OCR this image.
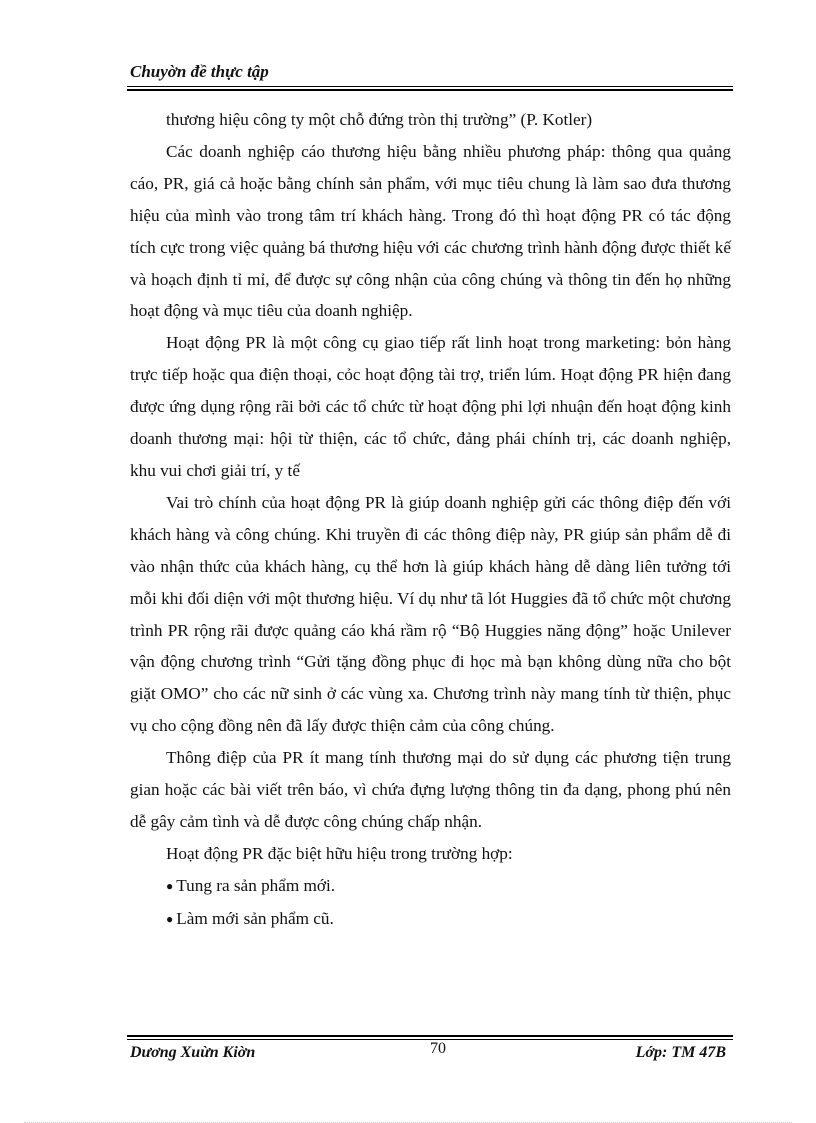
Chuyờn đề thực tập

thương hiệu công ty một chỗ đứng tròn thị trường” (P. Kotler)

Các doanh nghiệp cáo thương hiệu bằng nhiều phương pháp: thông qua quảng cáo, PR, giá cả hoặc bằng chính sản phẩm, với mục tiêu chung là làm sao đưa thương hiệu của mình vào trong tâm trí khách hàng. Trong đó thì hoạt động PR có tác động tích cực trong việc quảng bá thương hiệu với các chương trình hành động được thiết kế và hoạch định tỉ mỉ, để được sự công nhận của công chúng và thông tin đến họ những hoạt động và mục tiêu của doanh nghiệp.

Hoạt động PR là một công cụ giao tiếp rất linh hoạt trong marketing: bỏn hàng trực tiếp hoặc qua điện thoại, cỏc hoạt động tài trợ, triển lúm. Hoạt động PR hiện đang được ứng dụng rộng rãi bởi các tổ chức từ hoạt động phi lợi nhuận đến hoạt động kinh doanh thương mại: hội từ thiện, các tổ chức, đảng phái chính trị, các doanh nghiệp, khu vui chơi giải trí, y tế

Vai trò chính của hoạt động PR là giúp doanh nghiệp gửi các thông điệp đến với khách hàng và công chúng. Khi truyền đi các thông điệp này, PR giúp sản phẩm dễ đi vào nhận thức của khách hàng, cụ thể hơn là giúp khách hàng dễ dàng liên tưởng tới mỗi khi đối diện với một thương hiệu. Ví dụ như tã lót Huggies đã tổ chức một chương trình PR rộng rãi được quảng cáo khá rầm rộ “Bộ Huggies năng động” hoặc Unilever vận động chương trình “Gửi tặng đồng phục đi học mà bạn không dùng nữa cho bột giặt OMO” cho các nữ sinh ở các vùng xa. Chương trình này mang tính từ thiện, phục vụ cho cộng đồng nên đã lấy được thiện cảm của công chúng.

Thông điệp của PR ít mang tính thương mại do sử dụng các phương tiện trung gian hoặc các bài viết trên báo, vì chứa đựng lượng thông tin đa dạng, phong phú nên dễ gây cảm tình và dễ được công chúng chấp nhận.

Hoạt động PR đặc biệt hữu hiệu trong trường hợp:

● Tung ra sản phẩm mới.
● Làm mới sản phẩm cũ.
Dương Xuừn Kiờn	70	Lớp: TM 47B
